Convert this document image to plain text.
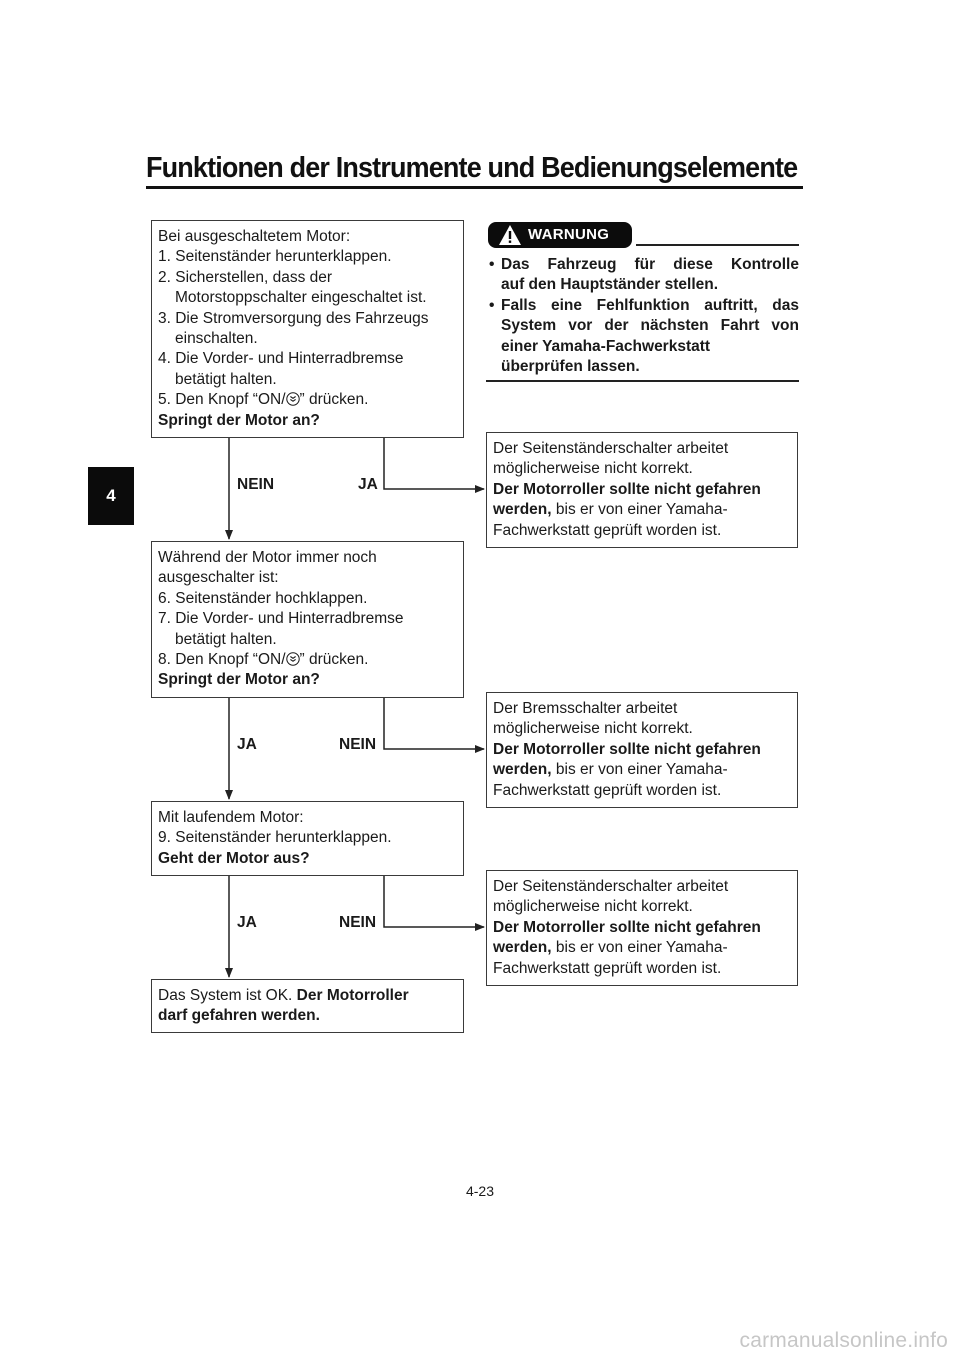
Funktionen der Instrumente und Bedienungselemente
4
Bei ausgeschaltetem Motor:
1. Seitenständer herunterklappen.
2. Sicherstellen, dass der
Motorstoppschalter eingeschaltet ist.
3. Die Stromversorgung des Fahrzeugs
einschalten.
4. Die Vorder- und Hinterradbremse
betätigt halten.
5. Den Knopf “ON/ ” drücken.
Springt der Motor an?
NEIN	JA
Der Seitenständerschalter arbeitet
möglicherweise nicht korrekt.
Der Motorroller sollte nicht gefahren
werden, bis er von einer Yamaha-
Fachwerkstatt geprüft worden ist.
Während der Motor immer noch
ausgeschalter ist:
6. Seitenständer hochklappen.
7. Die Vorder- und Hinterradbremse
betätigt halten.
8. Den Knopf “ON/ ” drücken.
Springt der Motor an?
JA	NEIN
Der Bremsschalter arbeitet
möglicherweise nicht korrekt.
Der Motorroller sollte nicht gefahren
werden, bis er von einer Yamaha-
Fachwerkstatt geprüft worden ist.
Mit laufendem Motor:
9. Seitenständer herunterklappen.
Geht der Motor aus?
JA	NEIN
Der Seitenständerschalter arbeitet
möglicherweise nicht korrekt.
Der Motorroller sollte nicht gefahren
werden, bis er von einer Yamaha-
Fachwerkstatt geprüft worden ist.
Das System ist OK. Der Motorroller
darf gefahren werden.
WARNUNG
• Das Fahrzeug für diese Kontrolle
auf den Hauptständer stellen.
• Falls eine Fehlfunktion auftritt, das
System vor der nächsten Fahrt von
einer Yamaha-Fachwerkstatt
überprüfen lassen.
4-23
carmanualsonline.info
